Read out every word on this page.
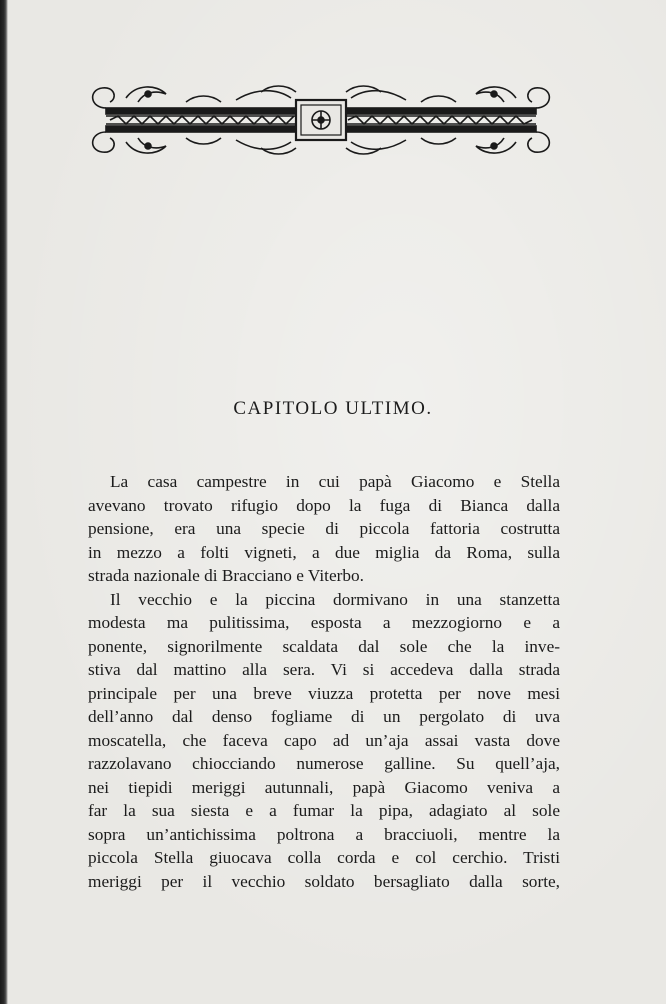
CAPITOLO ULTIMO.
La casa campestre in cui papà Giacomo e Stella
avevano trovato rifugio dopo la fuga di Bianca dalla
pensione, era una specie di piccola fattoria costrutta
in mezzo a folti vigneti, a due miglia da Roma, sulla
strada nazionale di Bracciano e Viterbo.
Il vecchio e la piccina dormivano in una stanzetta
modesta ma pulitissima, esposta a mezzogiorno e a
ponente, signorilmente scaldata dal sole che la inve-
stiva dal mattino alla sera. Vi si accedeva dalla strada
principale per una breve viuzza protetta per nove mesi
dell’anno dal denso fogliame di un pergolato di uva
moscatella, che faceva capo ad un’aja assai vasta dove
razzolavano chiocciando numerose galline. Su quell’aja,
nei tiepidi meriggi autunnali, papà Giacomo veniva a
far la sua siesta e a fumar la pipa, adagiato al sole
sopra un’antichissima poltrona a bracciuoli, mentre la
piccola Stella giuocava colla corda e col cerchio. Tristi
meriggi per il vecchio soldato bersagliato dalla sorte,
